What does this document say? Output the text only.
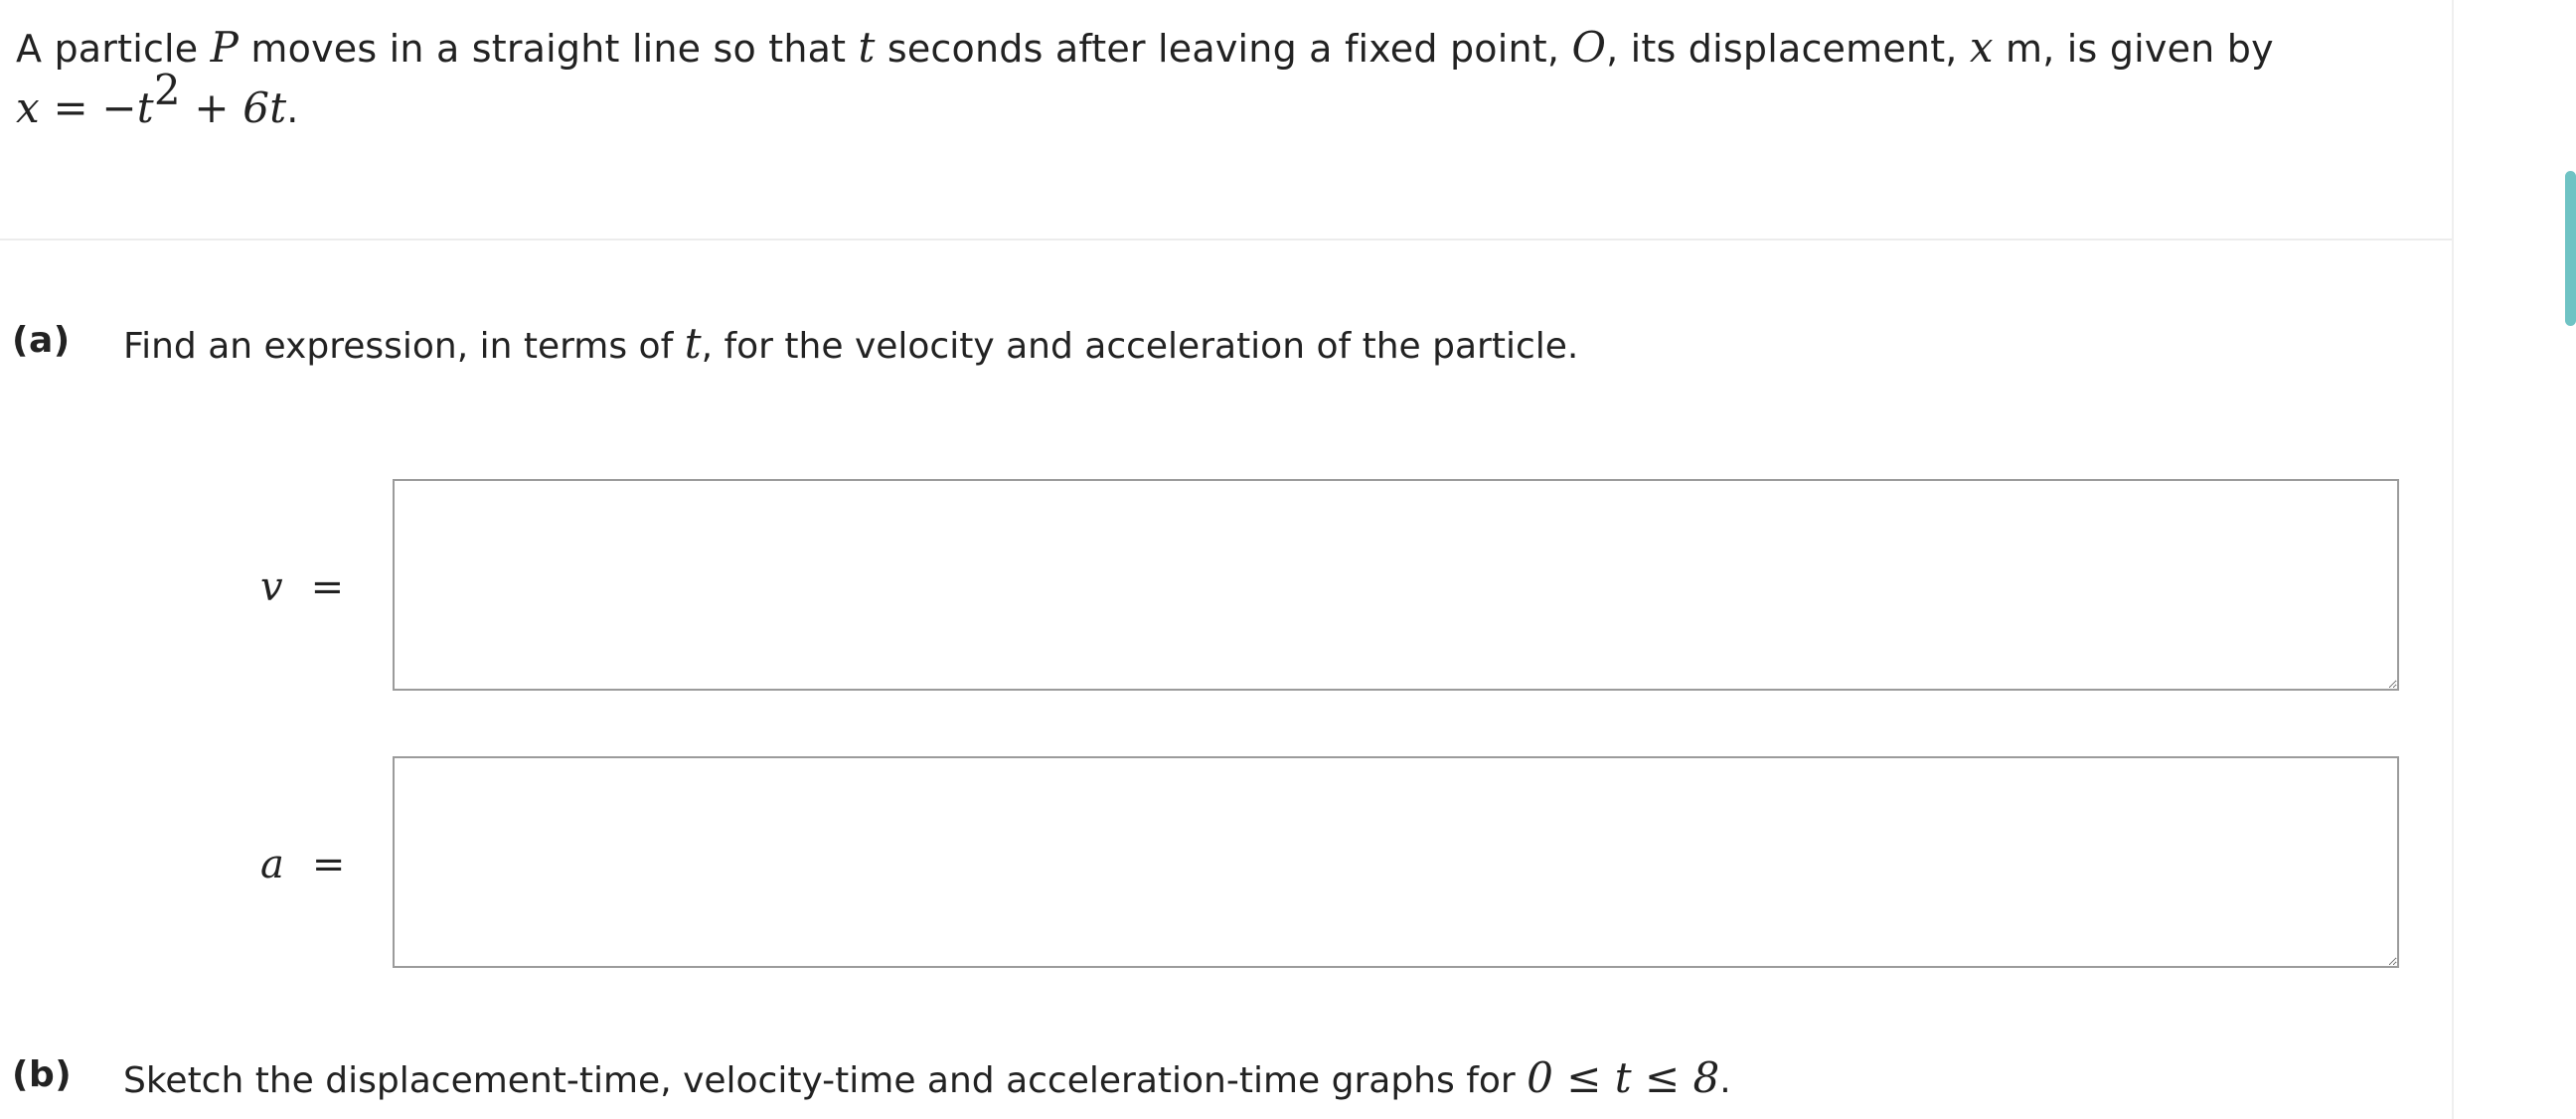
A particle P moves in a straight line so that t seconds after leaving a fixed point, O, its displacement, x m, is given by
$x = -t^2 + 6t$.
(a) Find an expression, in terms of t, for the velocity and acceleration of the particle.
v =
a =
(b) Sketch the displacement-time, velocity-time and acceleration-time graphs for 0 ≤ t ≤ 8.
